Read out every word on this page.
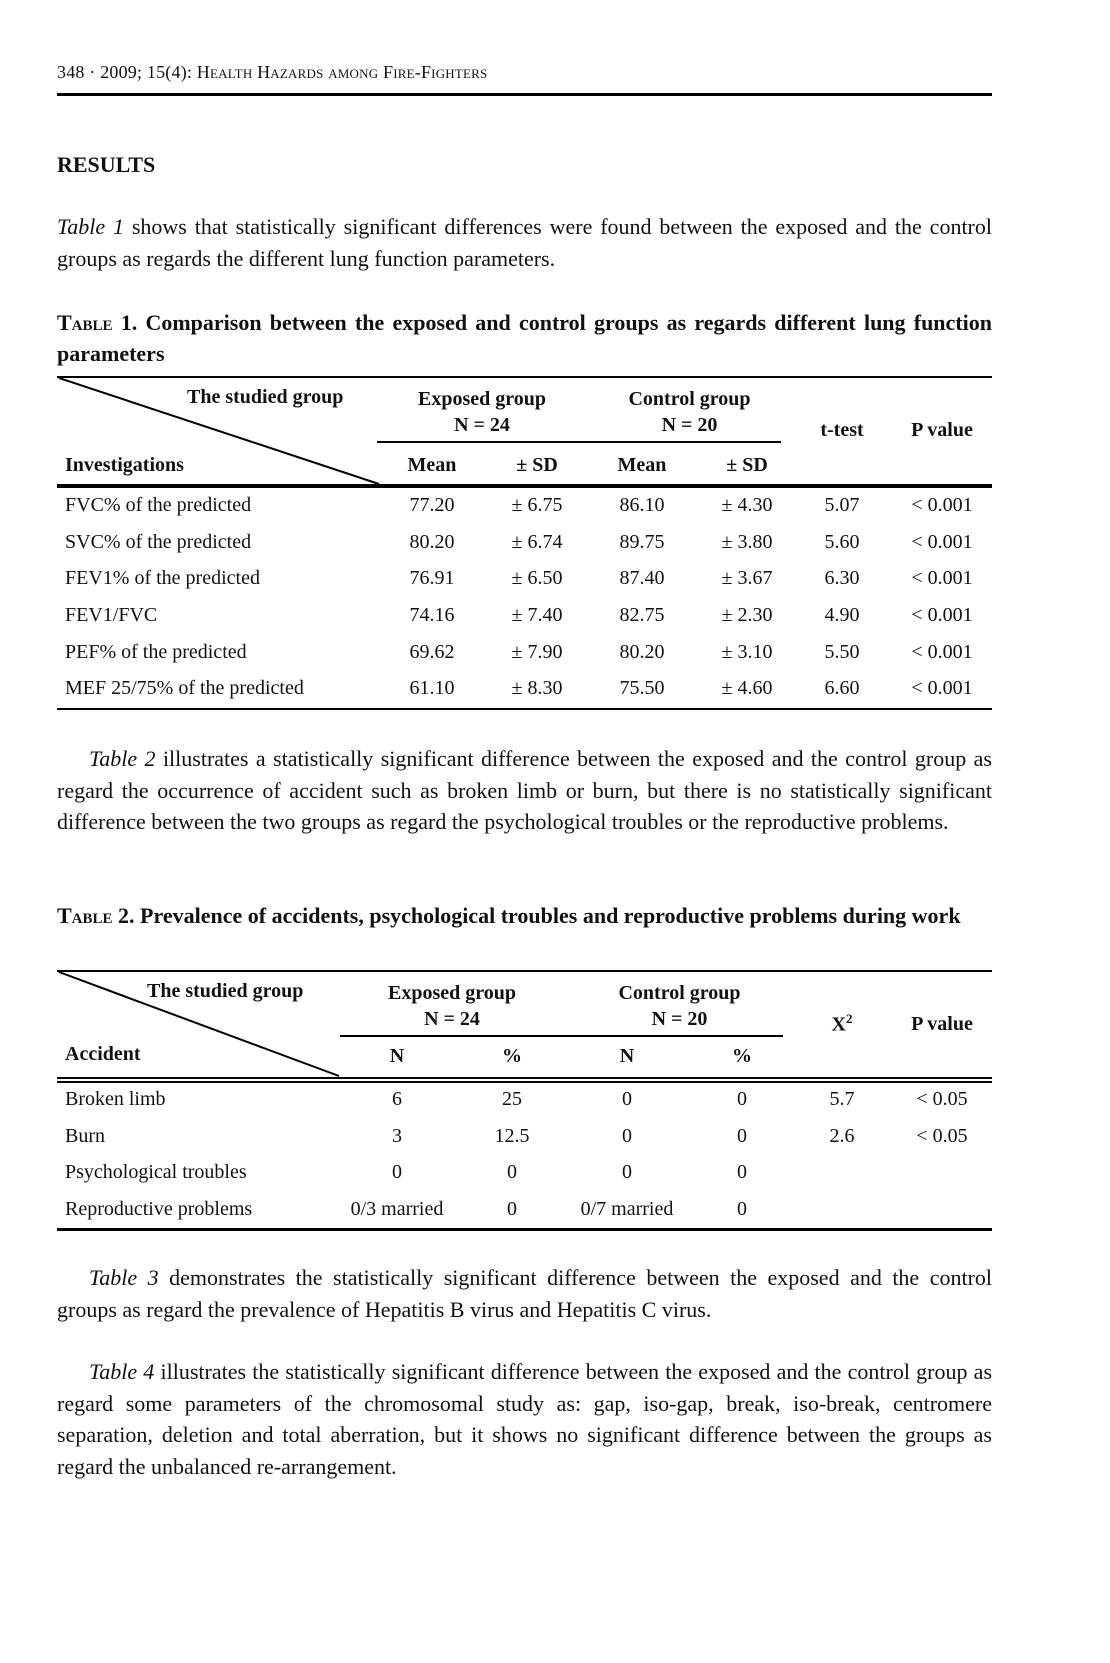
348 · 2009; 15(4): Health Hazards among Fire-Fighters
RESULTS

Table 1 shows that statistically significant differences were found between the exposed and the control groups as regards the different lung function parameters.

Table 1. Comparison between the exposed and control groups as regards different lung function parameters
The studied group
Investigations
Exposed group
N = 24
Control group
N = 20	t-test	P value
Mean	± SD	Mean	± SD
FVC% of the predicted	77.20	± 6.75	86.10	± 4.30	5.07	< 0.001
SVC% of the predicted	80.20	± 6.74	89.75	± 3.80	5.60	< 0.001
FEV1% of the predicted	76.91	± 6.50	87.40	± 3.67	6.30	< 0.001
FEV1/FVC	74.16	± 7.40	82.75	± 2.30	4.90	< 0.001
PEF% of the predicted	69.62	± 7.90	80.20	± 3.10	5.50	< 0.001
MEF 25/75% of the predicted	61.10	± 8.30	75.50	± 4.60	6.60	< 0.001

Table 2 illustrates a statistically significant difference between the exposed and the control group as regard the occurrence of accident such as broken limb or burn, but there is no statistically significant difference between the two groups as regard the psychological troubles or the reproductive problems.

Table 2. Prevalence of accidents, psychological troubles and reproductive problems during work
The studied group
Accident
Exposed group
N = 24
Control group
N = 20	$X^2$	P value
N	%	N	%
Broken limb	6	25	0	0	5.7	< 0.05
Burn	3	12.5	0	0	2.6	< 0.05
Psychological troubles	0	0	0	0
Reproductive problems	0/3 married	0	0/7 married	0

Table 3 demonstrates the statistically significant difference between the exposed and the control groups as regard the prevalence of Hepatitis B virus and Hepatitis C virus.

Table 4 illustrates the statistically significant difference between the exposed and the control group as regard some parameters of the chromosomal study as: gap, iso-gap, break, iso-break, centromere separation, deletion and total aberration, but it shows no significant difference between the groups as regard the unbalanced re-arrangement.
